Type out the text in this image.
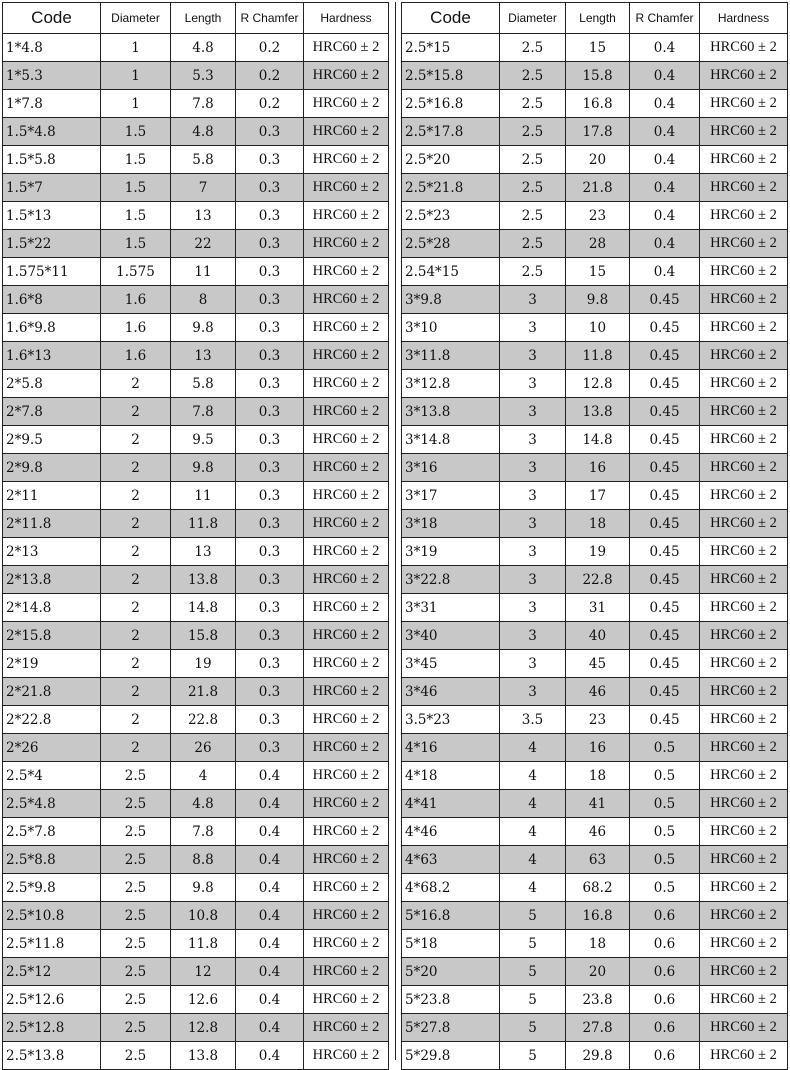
Code	Diameter	Length	R Chamfer	Hardness
1*4.8	1	4.8	0.2	HRC60 ± 2
1*5.3	1	5.3	0.2	HRC60 ± 2
1*7.8	1	7.8	0.2	HRC60 ± 2
1.5*4.8	1.5	4.8	0.3	HRC60 ± 2
1.5*5.8	1.5	5.8	0.3	HRC60 ± 2
1.5*7	1.5	7	0.3	HRC60 ± 2
1.5*13	1.5	13	0.3	HRC60 ± 2
1.5*22	1.5	22	0.3	HRC60 ± 2
1.575*11	1.575	11	0.3	HRC60 ± 2
1.6*8	1.6	8	0.3	HRC60 ± 2
1.6*9.8	1.6	9.8	0.3	HRC60 ± 2
1.6*13	1.6	13	0.3	HRC60 ± 2
2*5.8	2	5.8	0.3	HRC60 ± 2
2*7.8	2	7.8	0.3	HRC60 ± 2
2*9.5	2	9.5	0.3	HRC60 ± 2
2*9.8	2	9.8	0.3	HRC60 ± 2
2*11	2	11	0.3	HRC60 ± 2
2*11.8	2	11.8	0.3	HRC60 ± 2
2*13	2	13	0.3	HRC60 ± 2
2*13.8	2	13.8	0.3	HRC60 ± 2
2*14.8	2	14.8	0.3	HRC60 ± 2
2*15.8	2	15.8	0.3	HRC60 ± 2
2*19	2	19	0.3	HRC60 ± 2
2*21.8	2	21.8	0.3	HRC60 ± 2
2*22.8	2	22.8	0.3	HRC60 ± 2
2*26	2	26	0.3	HRC60 ± 2
2.5*4	2.5	4	0.4	HRC60 ± 2
2.5*4.8	2.5	4.8	0.4	HRC60 ± 2
2.5*7.8	2.5	7.8	0.4	HRC60 ± 2
2.5*8.8	2.5	8.8	0.4	HRC60 ± 2
2.5*9.8	2.5	9.8	0.4	HRC60 ± 2
2.5*10.8	2.5	10.8	0.4	HRC60 ± 2
2.5*11.8	2.5	11.8	0.4	HRC60 ± 2
2.5*12	2.5	12	0.4	HRC60 ± 2
2.5*12.6	2.5	12.6	0.4	HRC60 ± 2
2.5*12.8	2.5	12.8	0.4	HRC60 ± 2
2.5*13.8	2.5	13.8	0.4	HRC60 ± 2
Code	Diameter	Length	R Chamfer	Hardness
2.5*15	2.5	15	0.4	HRC60 ± 2
2.5*15.8	2.5	15.8	0.4	HRC60 ± 2
2.5*16.8	2.5	16.8	0.4	HRC60 ± 2
2.5*17.8	2.5	17.8	0.4	HRC60 ± 2
2.5*20	2.5	20	0.4	HRC60 ± 2
2.5*21.8	2.5	21.8	0.4	HRC60 ± 2
2.5*23	2.5	23	0.4	HRC60 ± 2
2.5*28	2.5	28	0.4	HRC60 ± 2
2.54*15	2.5	15	0.4	HRC60 ± 2
3*9.8	3	9.8	0.45	HRC60 ± 2
3*10	3	10	0.45	HRC60 ± 2
3*11.8	3	11.8	0.45	HRC60 ± 2
3*12.8	3	12.8	0.45	HRC60 ± 2
3*13.8	3	13.8	0.45	HRC60 ± 2
3*14.8	3	14.8	0.45	HRC60 ± 2
3*16	3	16	0.45	HRC60 ± 2
3*17	3	17	0.45	HRC60 ± 2
3*18	3	18	0.45	HRC60 ± 2
3*19	3	19	0.45	HRC60 ± 2
3*22.8	3	22.8	0.45	HRC60 ± 2
3*31	3	31	0.45	HRC60 ± 2
3*40	3	40	0.45	HRC60 ± 2
3*45	3	45	0.45	HRC60 ± 2
3*46	3	46	0.45	HRC60 ± 2
3.5*23	3.5	23	0.45	HRC60 ± 2
4*16	4	16	0.5	HRC60 ± 2
4*18	4	18	0.5	HRC60 ± 2
4*41	4	41	0.5	HRC60 ± 2
4*46	4	46	0.5	HRC60 ± 2
4*63	4	63	0.5	HRC60 ± 2
4*68.2	4	68.2	0.5	HRC60 ± 2
5*16.8	5	16.8	0.6	HRC60 ± 2
5*18	5	18	0.6	HRC60 ± 2
5*20	5	20	0.6	HRC60 ± 2
5*23.8	5	23.8	0.6	HRC60 ± 2
5*27.8	5	27.8	0.6	HRC60 ± 2
5*29.8	5	29.8	0.6	HRC60 ± 2
